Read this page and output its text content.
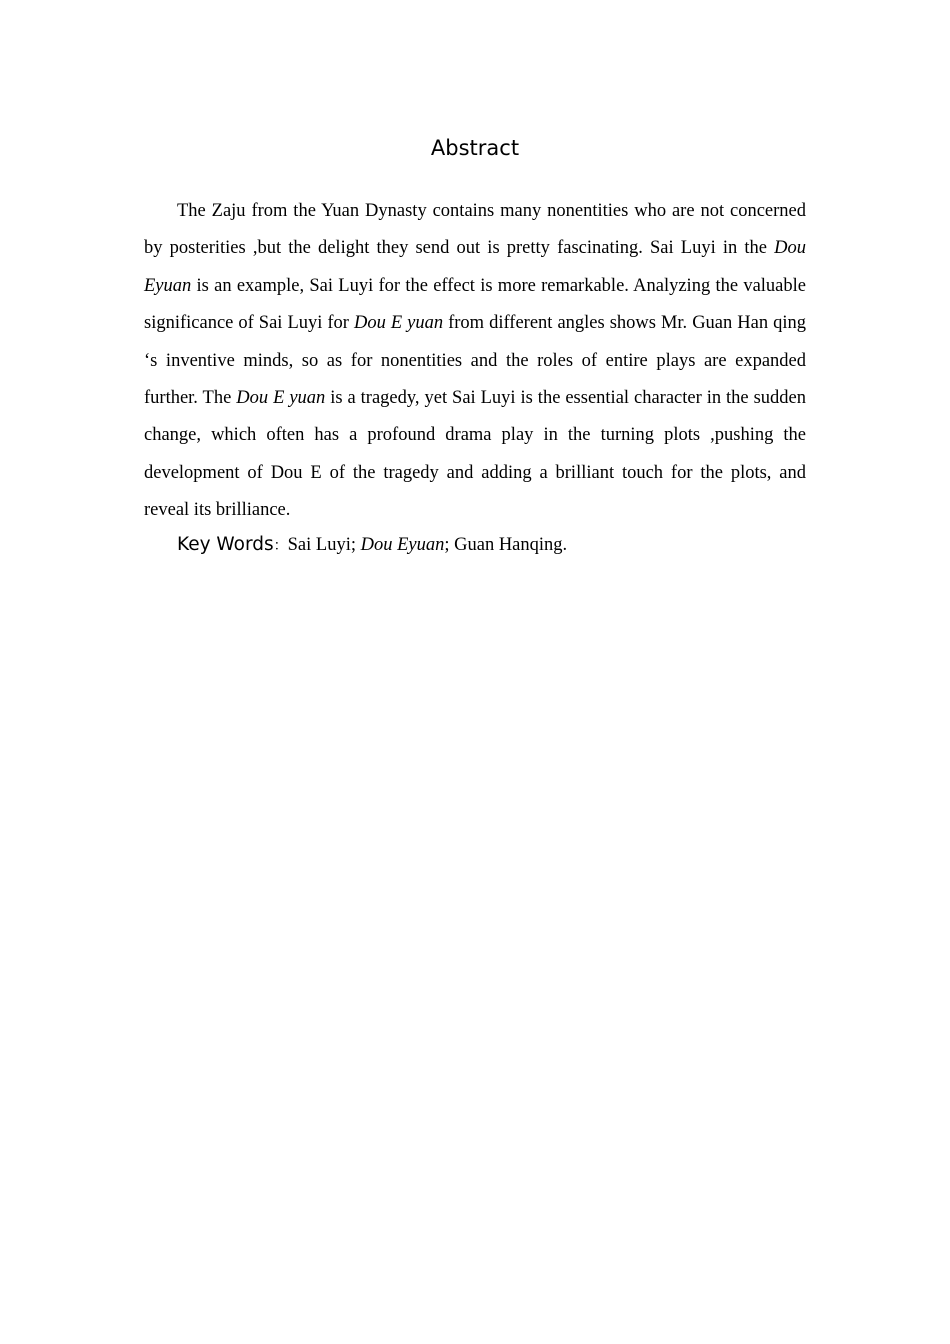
Abstract

The Zaju from the Yuan Dynasty contains many nonentities who are not concerned by posterities ,but the delight they send out is pretty fascinating. Sai Luyi in the Dou Eyuan is an example, Sai Luyi for the effect is more remarkable. Analyzing the valuable significance of Sai Luyi for Dou E yuan from different angles shows Mr. Guan Han qing ‘s inventive minds, so as for nonentities and the roles of entire plays are expanded further. The Dou E yuan is a tragedy, yet Sai Luyi is the essential character in the sudden change, which often has a profound drama play in the turning plots ,pushing the development of Dou E of the tragedy and adding a brilliant touch for the plots, and reveal its brilliance.

Key Words：Sai Luyi; Dou Eyuan; Guan Hanqing.
